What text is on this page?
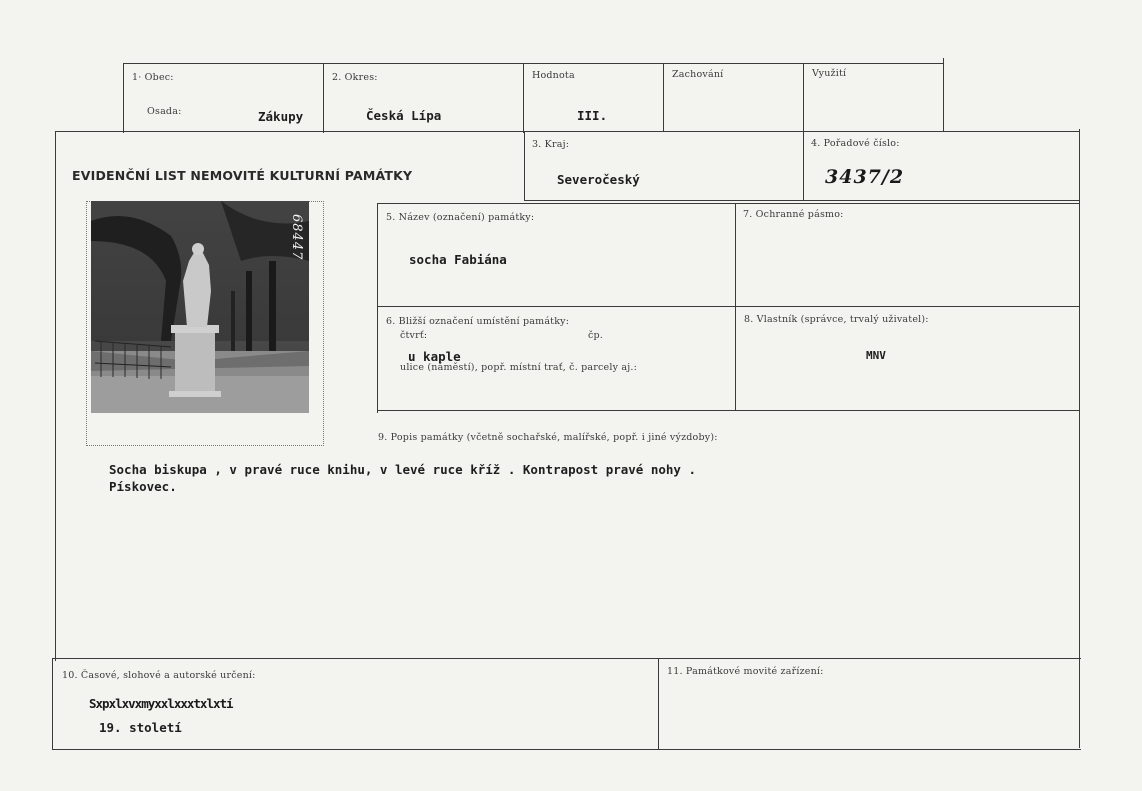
1· Obec:
Osada:	Zákupy
2. Okres:
Česká Lípa
Hodnota
III.
Zachování	Využití
EVIDENČNÍ LIST NEMOVITÉ KULTURNÍ PAMÁTKY
3. Kraj:
Severočeský
4. Pořadové číslo:
3437/2
68447	5. Název (označení) památky:
socha Fabiána
7. Ochranné pásmo:
6. Bližší označení umístění památky:
čtvrť:	čp.
u kaple
ulice (náměstí), popř. místní trať, č. parcely aj.:
8. Vlastník (správce, trvalý uživatel):
MNV
9. Popis památky (včetně sochařské, malířské, popř. i jiné výzdoby):
Socha biskupa , v pravé ruce knihu, v levé ruce kříž . Kontrapost pravé nohy .
Pískovec.
10. Časové, slohové a autorské určení:
Sxpxlxvxmyxxlxxxtxlxtí
19. století
11. Památkové movité zařízení:
